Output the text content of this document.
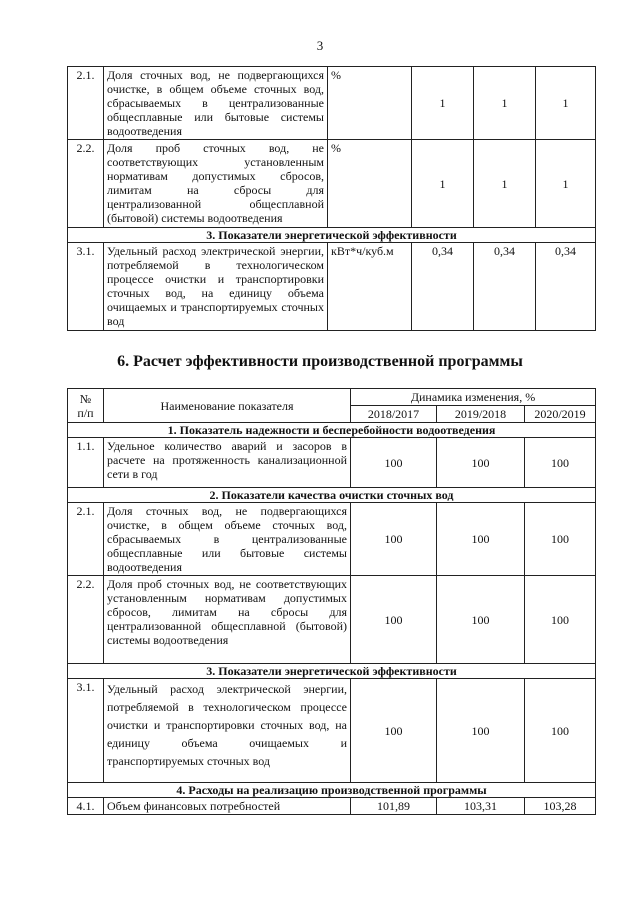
3
2.1.	Доля сточных вод, не подвергающихся очистке, в общем объеме сточных вод, сбрасываемых в централизованные общесплавные или бытовые системы водоотведения	%	1	1	1
2.2.	Доля проб сточных вод, не соответствующих установленным нормативам допустимых сбросов, лимитам на сбросы для централизованной общесплавной (бытовой) системы водоотведения	%	1	1	1
3. Показатели энергетической эффективности					
3.1.	Удельный расход электрической энергии, потребляемой в технологическом процессе очистки и транспортировки сточных вод, на единицу объема очищаемых и транспортируемых сточных вод	кВт*ч/куб.м	0,34	0,34	0,34
6. Расчет эффективности производственной программы
№
п/п	Наименование показателя	Динамика изменения, %		
		2018/2017	2019/2018	2020/2019
1. Показатель надежности и бесперебойности водоотведения				
1.1.	Удельное количество аварий и засоров в расчете на протяженность канализационной сети в год	100	100	100
2. Показатели качества очистки сточных вод				
2.1.	Доля сточных вод, не подвергающихся очистке, в общем объеме сточных вод, сбрасываемых в централизованные общесплавные или бытовые системы водоотведения	100	100	100
2.2.	Доля проб сточных вод, не соответствующих установленным нормативам допустимых сбросов, лимитам на сбросы для централизованной общесплавной (бытовой) системы водоотведения	100	100	100
3. Показатели энергетической эффективности				
3.1.	Удельный расход электрической энергии, потребляемой в технологическом процессе очистки и транспортировки сточных вод, на единицу объема очищаемых и транспортируемых сточных вод	100	100	100
4. Расходы на реализацию производственной программы				
4.1.	Объем финансовых потребностей	101,89	103,31	103,28
